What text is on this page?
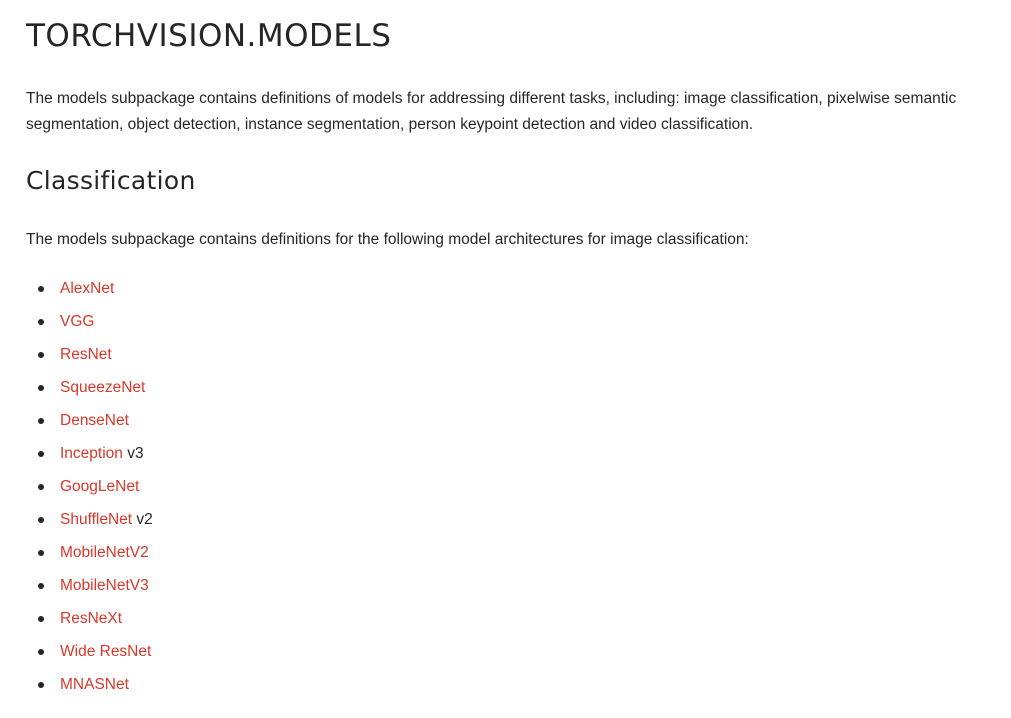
TORCHVISION.MODELS

The models subpackage contains definitions of models for addressing different tasks, including: image classification, pixelwise semantic segmentation, object detection, instance segmentation, person keypoint detection and video classification.

Classification

The models subpackage contains definitions for the following model architectures for image classification:

AlexNet
VGG
ResNet
SqueezeNet
DenseNet
Inception v3
GoogLeNet
ShuffleNet v2
MobileNetV2
MobileNetV3
ResNeXt
Wide ResNet
MNASNet
